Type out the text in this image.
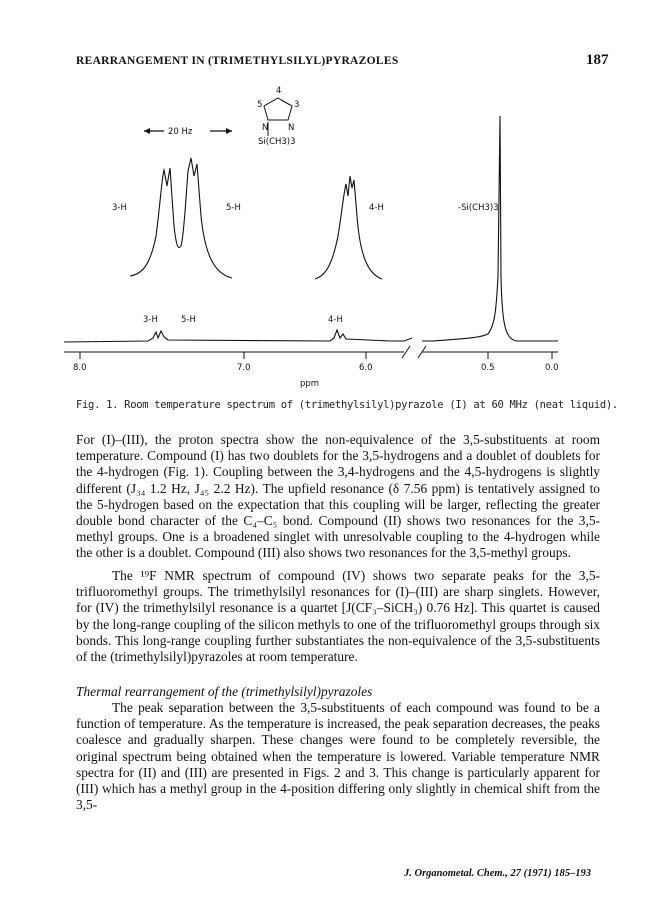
REARRANGEMENT IN (TRIMETHYLSILYL)PYRAZOLES	187
4
5	3
N N
Si(CH3)3
20 Hz
3-H	5-H	4-H	-Si(CH3)3
3-H	5-H	4-H
8.0	7.0	6.0	0.5	0.0
ppm
Fig. 1. Room temperature spectrum of (trimethylsilyl)pyrazole (I) at 60 MHz (neat liquid).

For (I)–(III), the proton spectra show the non-equivalence of the 3,5-substituents at room temperature. Compound (I) has two doublets for the 3,5-hydrogens and a doublet of doublets for the 4-hydrogen (Fig. 1). Coupling between the 3,4-hydrogens and the 4,5-hydrogens is slightly different (J₃₄ 1.2 Hz, J₄₅ 2.2 Hz). The upfield resonance (δ 7.56 ppm) is tentatively assigned to the 5-hydrogen based on the expectation that this coupling will be larger, reflecting the greater double bond character of the C₄–C₅ bond. Compound (II) shows two resonances for the 3,5-methyl groups. One is a broadened singlet with unresolvable coupling to the 4-hydrogen while the other is a doublet. Compound (III) also shows two resonances for the 3,5-methyl groups.

The ¹⁹F NMR spectrum of compound (IV) shows two separate peaks for the 3,5-trifluoromethyl groups. The trimethylsilyl resonances for (I)–(III) are sharp singlets. However, for (IV) the trimethylsilyl resonance is a quartet [J(CF₃–SiCH₃) 0.76 Hz]. This quartet is caused by the long-range coupling of the silicon methyls to one of the trifluoromethyl groups through six bonds. This long-range coupling further substantiates the non-equivalence of the 3,5-substituents of the (trimethylsilyl)pyrazoles at room temperature.

Thermal rearrangement of the (trimethylsilyl)pyrazoles

The peak separation between the 3,5-substituents of each compound was found to be a function of temperature. As the temperature is increased, the peak separation decreases, the peaks coalesce and gradually sharpen. These changes were found to be completely reversible, the original spectrum being obtained when the temperature is lowered. Variable temperature NMR spectra for (II) and (III) are presented in Figs. 2 and 3. This change is particularly apparent for (III) which has a methyl group in the 4-position differing only slightly in chemical shift from the 3,5-

J. Organometal. Chem., 27 (1971) 185–193
